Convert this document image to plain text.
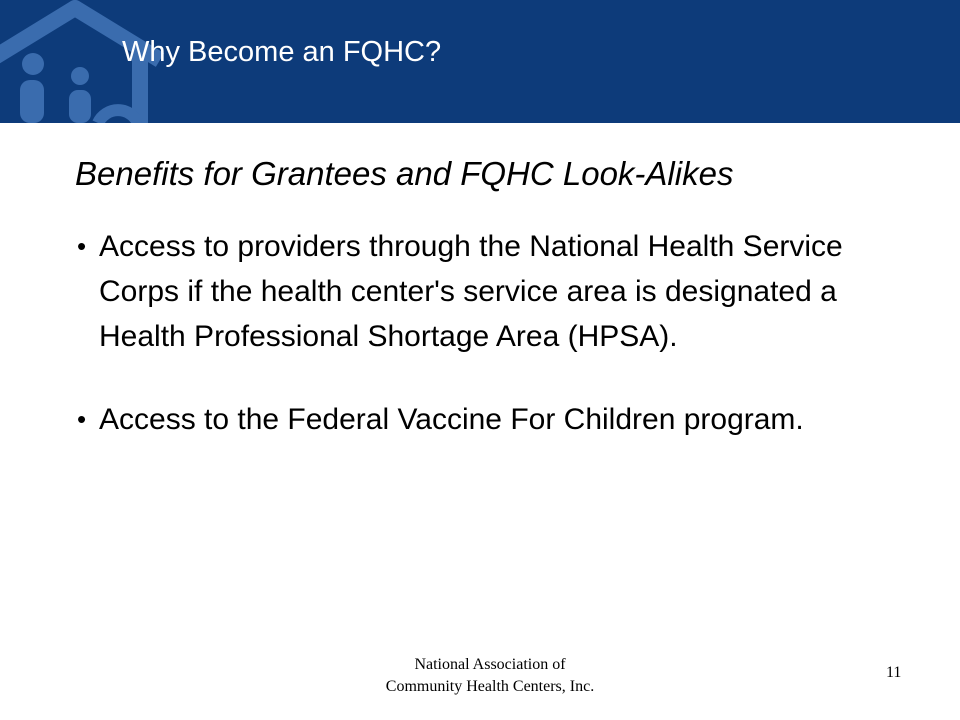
Why Become an FQHC?
Benefits for Grantees and FQHC Look-Alikes
• Access to providers through the National Health Service Corps if the health center's service area is designated a Health Professional Shortage Area (HPSA).
• Access to the Federal Vaccine For Children program.
National Association of Community Health Centers, Inc.
11
